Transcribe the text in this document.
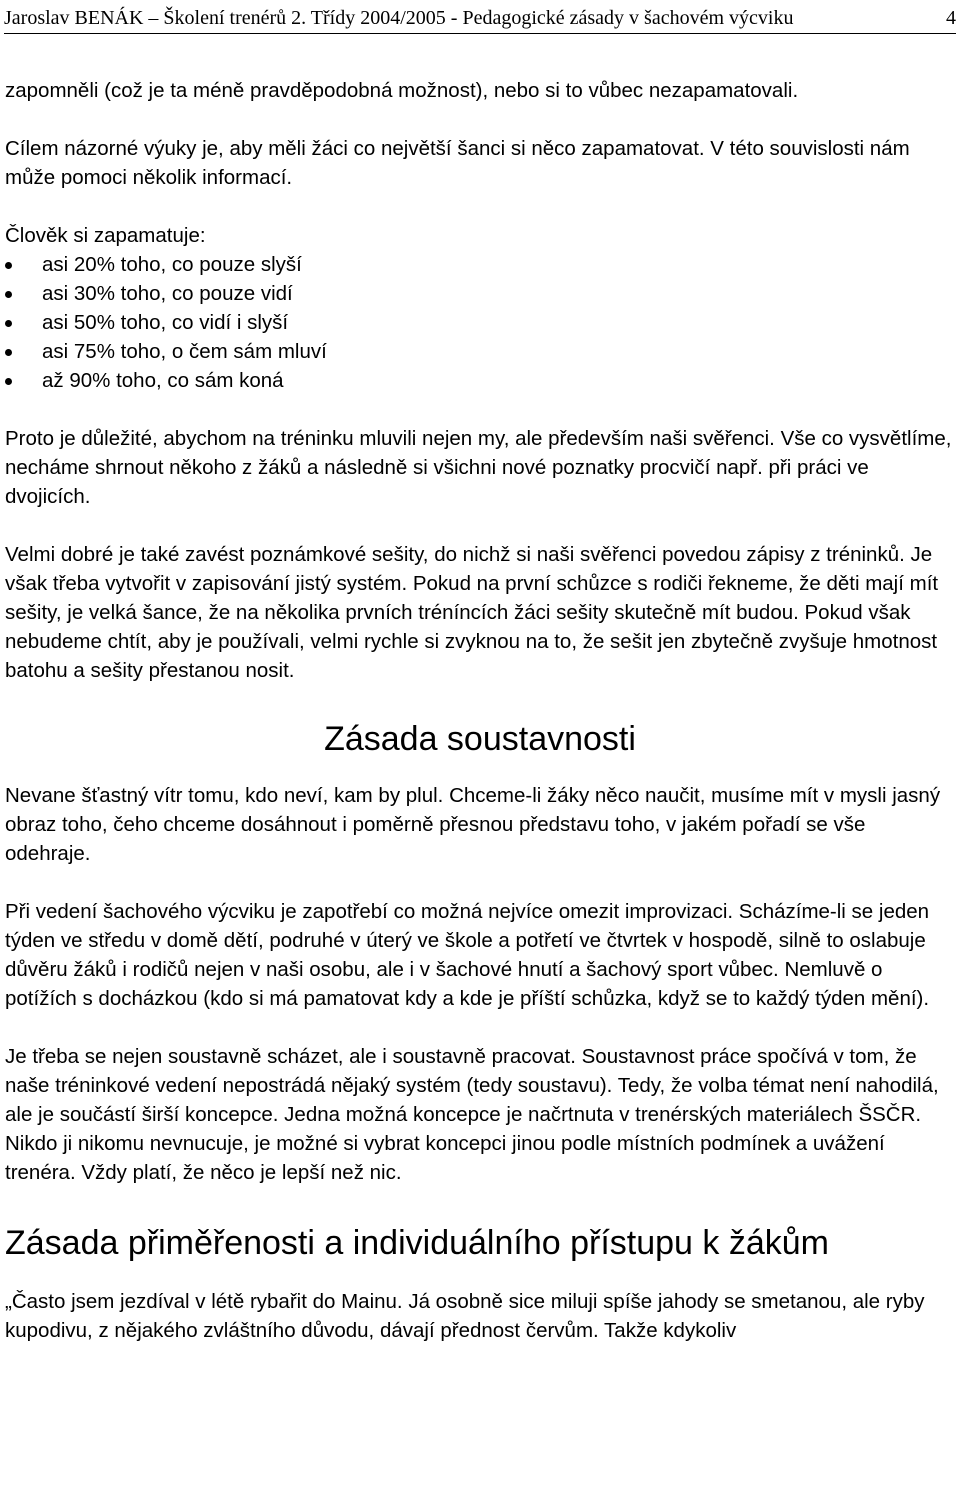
Jaroslav BENÁK – Školení trenérů 2. Třídy 2004/2005 - Pedagogické zásady v šachovém výcviku	4

zapomněli (což je ta méně pravděpodobná možnost), nebo si to vůbec nezapamatovali.

Cílem názorné výuky je, aby měli žáci co největší šanci si něco zapamatovat. V této souvislosti nám může pomoci několik informací.

Člověk si zapamatuje:

asi 20% toho, co pouze slyší
asi 30% toho, co pouze vidí
asi 50% toho, co vidí i slyší
asi 75% toho, o čem sám mluví
až 90% toho, co sám koná

Proto je důležité, abychom na tréninku mluvili nejen my, ale především naši svěřenci. Vše co vysvětlíme, necháme shrnout někoho z žáků a následně si všichni nové poznatky procvičí např. při práci ve dvojicích.

Velmi dobré je také zavést poznámkové sešity, do nichž si naši svěřenci povedou zápisy z tréninků. Je však třeba vytvořit v zapisování jistý systém. Pokud na první schůzce s rodiči řekneme, že děti mají mít sešity, je velká šance, že na několika prvních tréníncích žáci sešity skutečně mít budou. Pokud však nebudeme chtít, aby je používali, velmi rychle si zvyknou na to, že sešit jen zbytečně zvyšuje hmotnost batohu a sešity přestanou nosit.

Zásada soustavnosti

Nevane šťastný vítr tomu, kdo neví, kam by plul. Chceme-li žáky něco naučit, musíme mít v mysli jasný obraz toho, čeho chceme dosáhnout i poměrně přesnou představu toho, v jakém pořadí se vše odehraje.

Při vedení šachového výcviku je zapotřebí co možná nejvíce omezit improvizaci. Scházíme-li se jeden týden ve středu v domě dětí, podruhé v úterý ve škole a potřetí ve čtvrtek v hospodě, silně to oslabuje důvěru žáků i rodičů nejen v naši osobu, ale i v šachové hnutí a šachový sport vůbec. Nemluvě o potížích s docházkou (kdo si má pamatovat kdy a kde je příští schůzka, když se to každý týden mění).

Je třeba se nejen soustavně scházet, ale i soustavně pracovat. Soustavnost práce spočívá v tom, že naše tréninkové vedení nepostrádá nějaký systém (tedy soustavu). Tedy, že volba témat není nahodilá, ale je součástí širší koncepce. Jedna možná koncepce je načrtnuta v trenérských materiálech ŠSČR. Nikdo ji nikomu nevnucuje, je možné si vybrat koncepci jinou podle místních podmínek a uvážení trenéra. Vždy platí, že něco je lepší než nic.

Zásada přiměřenosti a individuálního přístupu k žákům

„Často jsem jezdíval v létě rybařit do Mainu. Já osobně sice miluji spíše jahody se smetanou, ale ryby kupodivu, z nějakého zvláštního důvodu, dávají přednost červům. Takže kdykoliv
